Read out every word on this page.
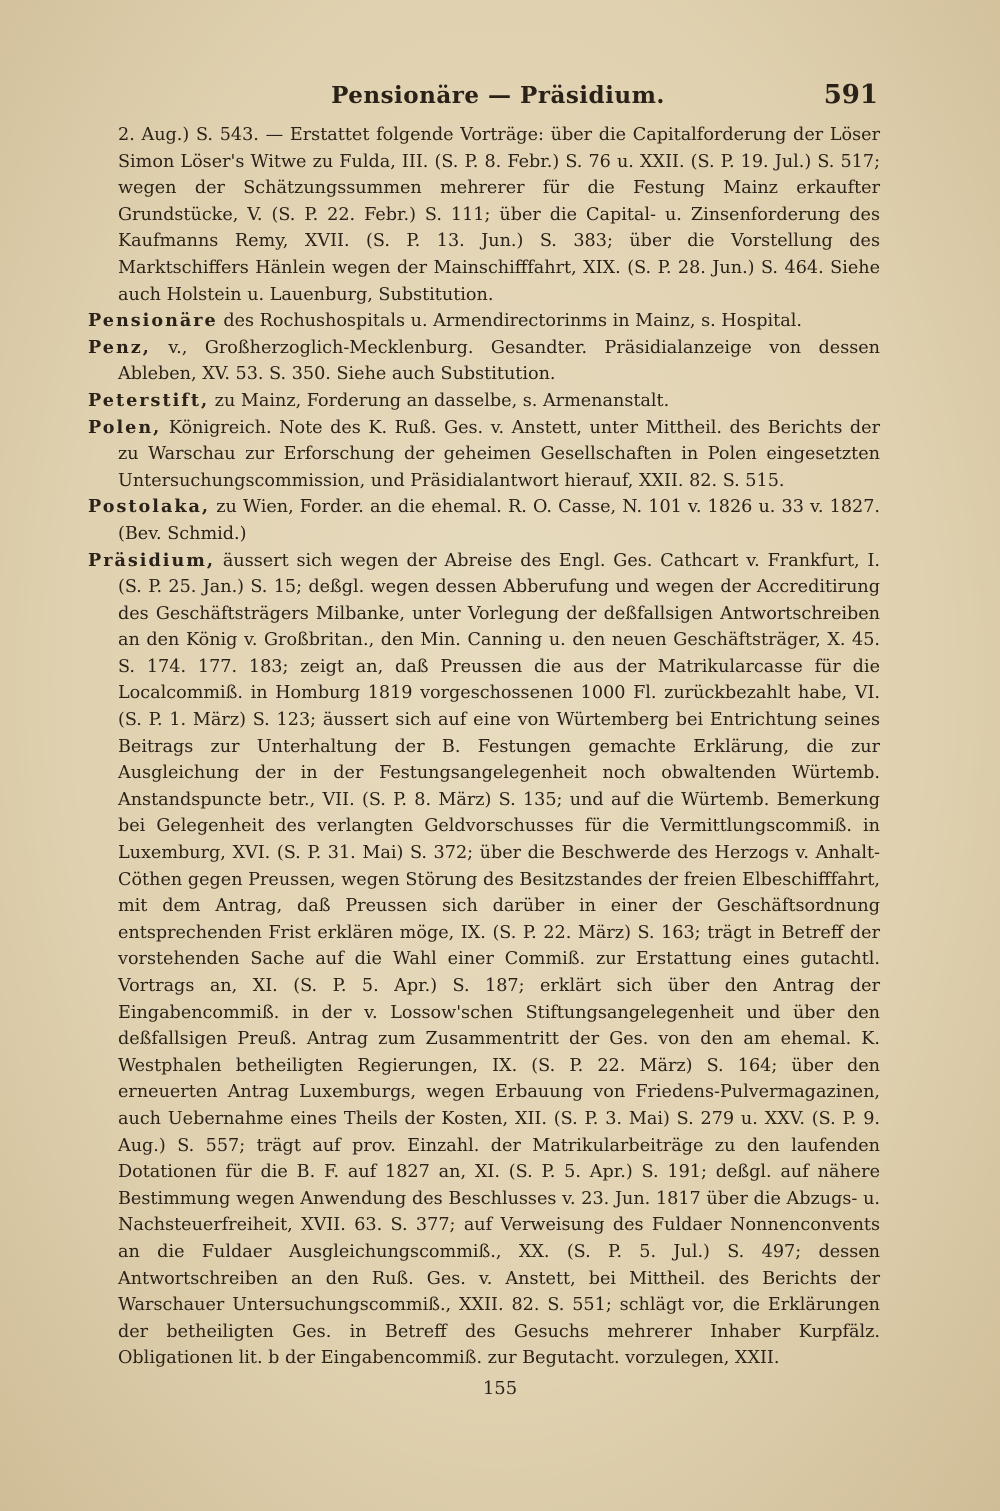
Pensionäre — Präsidium.	591

2. Aug.) S. 543. — Erstattet folgende Vorträge: über die Capitalforderung der Löser Simon Löser's Witwe zu Fulda, III. (S. P. 8. Febr.) S. 76 u. XXII. (S. P. 19. Jul.) S. 517; wegen der Schätzungssummen mehrerer für die Festung Mainz erkaufter Grundstücke, V. (S. P. 22. Febr.) S. 111; über die Capital- u. Zinsenforderung des Kaufmanns Remy, XVII. (S. P. 13. Jun.) S. 383; über die Vorstellung des Marktschiffers Hänlein wegen der Mainschifffahrt, XIX. (S. P. 28. Jun.) S. 464. Siehe auch Holstein u. Lauenburg, Substitution.

Pensionäre des Rochushospitals u. Armendirectorinms in Mainz, s. Hospital.

Penz, v., Großherzoglich-Mecklenburg. Gesandter. Präsidialanzeige von dessen Ableben, XV. 53. S. 350. Siehe auch Substitution.

Peterstift, zu Mainz, Forderung an dasselbe, s. Armenanstalt.

Polen, Königreich. Note des K. Ruß. Ges. v. Anstett, unter Mittheil. des Berichts der zu Warschau zur Erforschung der geheimen Gesellschaften in Polen eingesetzten Untersuchungscommission, und Präsidialantwort hierauf, XXII. 82. S. 515.

Postolaka, zu Wien, Forder. an die ehemal. R. O. Casse, N. 101 v. 1826 u. 33 v. 1827. (Bev. Schmid.)

Präsidium, äussert sich wegen der Abreise des Engl. Ges. Cathcart v. Frankfurt, I. (S. P. 25. Jan.) S. 15; deßgl. wegen dessen Abberufung und wegen der Accreditirung des Geschäftsträgers Milbanke, unter Vorlegung der deßfallsigen Antwortschreiben an den König v. Großbritan., den Min. Canning u. den neuen Geschäftsträger, X. 45. S. 174. 177. 183; zeigt an, daß Preussen die aus der Matrikularcasse für die Localcommiß. in Homburg 1819 vorgeschossenen 1000 Fl. zurückbezahlt habe, VI. (S. P. 1. März) S. 123; äussert sich auf eine von Würtemberg bei Entrichtung seines Beitrags zur Unterhaltung der B. Festungen gemachte Erklärung, die zur Ausgleichung der in der Festungsangelegenheit noch obwaltenden Würtemb. Anstandspuncte betr., VII. (S. P. 8. März) S. 135; und auf die Würtemb. Bemerkung bei Gelegenheit des verlangten Geldvorschusses für die Vermittlungscommiß. in Luxemburg, XVI. (S. P. 31. Mai) S. 372; über die Beschwerde des Herzogs v. Anhalt-Cöthen gegen Preussen, wegen Störung des Besitzstandes der freien Elbeschifffahrt, mit dem Antrag, daß Preussen sich darüber in einer der Geschäftsordnung entsprechenden Frist erklären möge, IX. (S. P. 22. März) S. 163; trägt in Betreff der vorstehenden Sache auf die Wahl einer Commiß. zur Erstattung eines gutachtl. Vortrags an, XI. (S. P. 5. Apr.) S. 187; erklärt sich über den Antrag der Eingabencommiß. in der v. Lossow'schen Stiftungsangelegenheit und über den deßfallsigen Preuß. Antrag zum Zusammentritt der Ges. von den am ehemal. K. Westphalen betheiligten Regierungen, IX. (S. P. 22. März) S. 164; über den erneuerten Antrag Luxemburgs, wegen Erbauung von Friedens-Pulvermagazinen, auch Uebernahme eines Theils der Kosten, XII. (S. P. 3. Mai) S. 279 u. XXV. (S. P. 9. Aug.) S. 557; trägt auf prov. Einzahl. der Matrikularbeiträge zu den laufenden Dotationen für die B. F. auf 1827 an, XI. (S. P. 5. Apr.) S. 191; deßgl. auf nähere Bestimmung wegen Anwendung des Beschlusses v. 23. Jun. 1817 über die Abzugs- u. Nachsteuerfreiheit, XVII. 63. S. 377; auf Verweisung des Fuldaer Nonnenconvents an die Fuldaer Ausgleichungscommiß., XX. (S. P. 5. Jul.) S. 497; dessen Antwortschreiben an den Ruß. Ges. v. Anstett, bei Mittheil. des Berichts der Warschauer Untersuchungscommiß., XXII. 82. S. 551; schlägt vor, die Erklärungen der betheiligten Ges. in Betreff des Gesuchs mehrerer Inhaber Kurpfälz. Obligationen lit. b der Eingabencommiß. zur Begutacht. vorzulegen, XXII.

155
